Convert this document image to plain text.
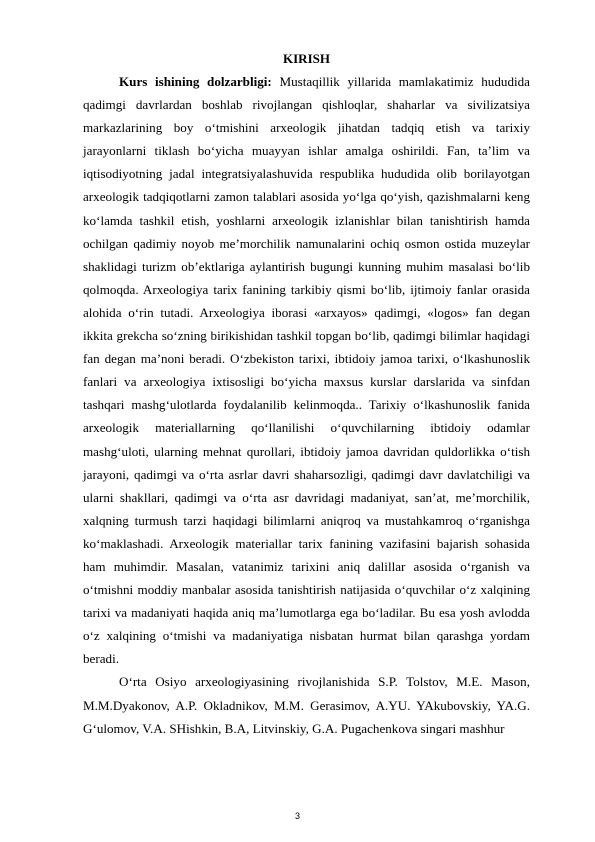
KIRISH

Kurs ishining dolzarbligi: Mustaqillik yillarida mamlakatimiz hududida qadimgi davrlardan boshlab rivojlangan qishloqlar, shaharlar va sivilizatsiya markazlarining boy o‘tmishini arxeologik jihatdan tadqiq etish va tarixiy jarayonlarni tiklash bo‘yicha muayyan ishlar amalga oshirildi. Fan, ta’lim va iqtisodiyotning jadal integratsiyalashuvida respublika hududida olib borilayotgan arxeologik tadqiqotlarni zamon talablari asosida yo‘lga qo‘yish, qazishmalarni keng ko‘lamda tashkil etish, yoshlarni arxeologik izlanishlar bilan tanishtirish hamda ochilgan qadimiy noyob me’morchilik namunalarini ochiq osmon ostida muzeylar shaklidagi turizm ob’ektlariga aylantirish bugungi kunning muhim masalasi bo‘lib qolmoqda. Arxeologiya tarix fanining tarkibiy qismi bo‘lib, ijtimoiy fanlar orasida alohida o‘rin tutadi. Arxeologiya iborasi «arxayos» qadimgi, «logos» fan degan ikkita grekcha so‘zning birikishidan tashkil topgan bo‘lib, qadimgi bilimlar haqidagi fan degan ma’noni beradi. O‘zbekiston tarixi, ibtidoiy jamoa tarixi, o‘lkashunoslik fanlari va arxeologiya ixtisosligi bo‘yicha maxsus kurslar darslarida va sinfdan tashqari mashg‘ulotlarda foydalanilib kelinmoqda.. Tarixiy o‘lkashunoslik fanida arxeologik materiallarning qo‘llanilishi o‘quvchilarning ibtidoiy odamlar mashg‘uloti, ularning mehnat qurollari, ibtidoiy jamoa davridan quldorlikka o‘tish jarayoni, qadimgi va o‘rta asrlar davri shaharsozligi, qadimgi davr davlatchiligi va ularni shakllari, qadimgi va o‘rta asr davridagi madaniyat, san’at, me’morchilik, xalqning turmush tarzi haqidagi bilimlarni aniqroq va mustahkamroq o‘rganishga ko‘maklashadi. Arxeologik materiallar tarix fanining vazifasini bajarish sohasida ham muhimdir. Masalan, vatanimiz tarixini aniq dalillar asosida o‘rganish va o‘tmishni moddiy manbalar asosida tanishtirish natijasida o‘quvchilar o‘z xalqining tarixi va madaniyati haqida aniq ma’lumotlarga ega bo‘ladilar. Bu esa yosh avlodda o‘z xalqining o‘tmishi va madaniyatiga nisbatan hurmat bilan qarashga yordam beradi.

O‘rta Osiyo arxeologiyasining rivojlanishida S.P. Tolstov, M.E. Mason, M.M.Dyakonov, A.P. Okladnikov, M.M. Gerasimov, A.YU. YAkubovskiy, YA.G. G‘ulomov, V.A. SHishkin, B.A, Litvinskiy, G.A. Pugachenkova singari mashhur

3
